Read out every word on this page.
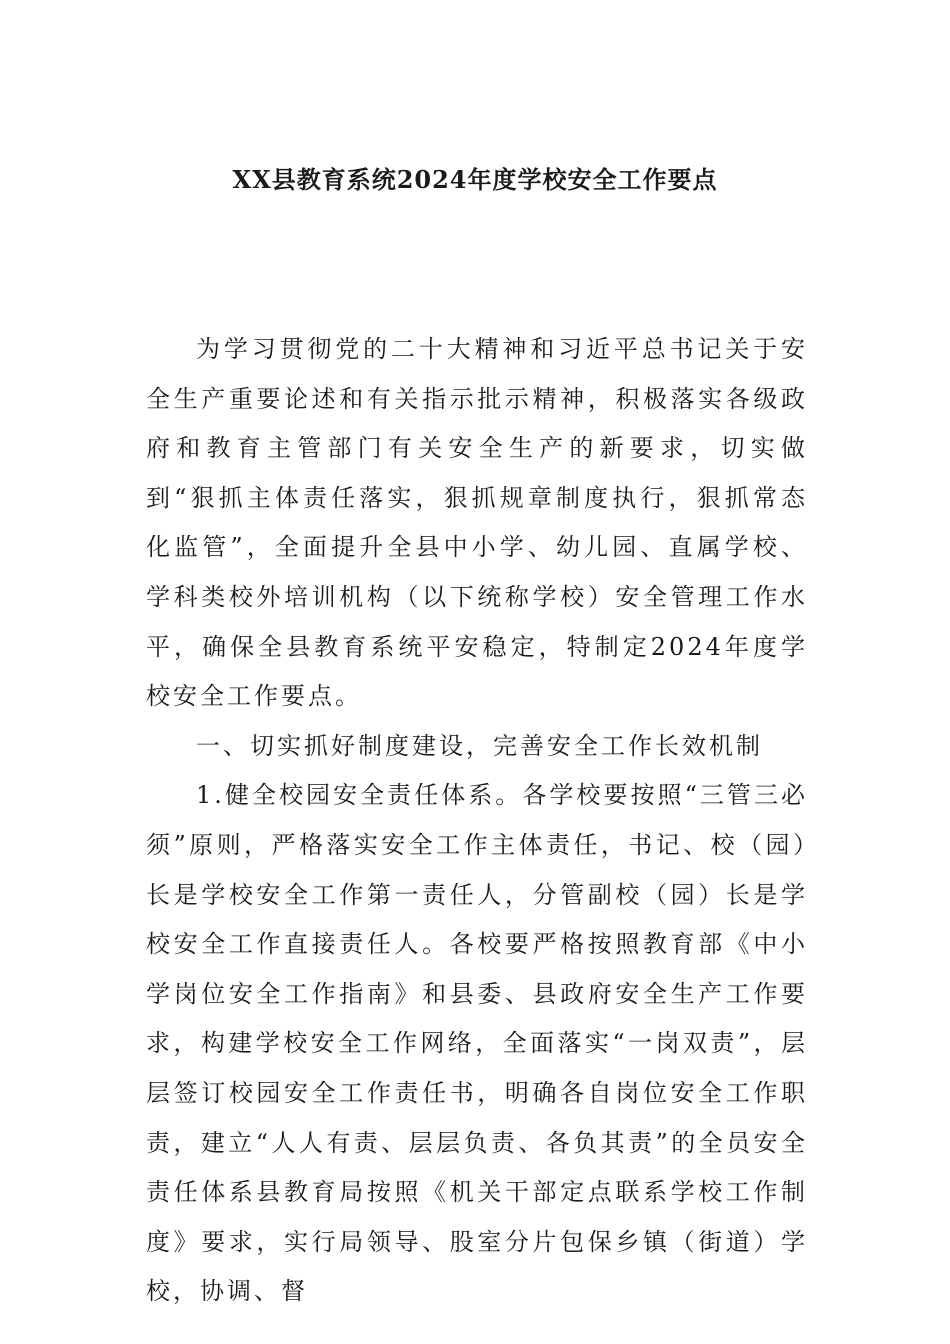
XX县教育系统2024年度学校安全工作要点

为学习贯彻党的二十大精神和习近平总书记关于安全生产重要论述和有关指示批示精神，积极落实各级政府和教育主管部门有关安全生产的新要求，切实做到“狠抓主体责任落实，狠抓规章制度执行，狠抓常态化监管”，全面提升全县中小学、幼儿园、直属学校、学科类校外培训机构（以下统称学校）安全管理工作水平，确保全县教育系统平安稳定，特制定2024年度学校安全工作要点。

一、切实抓好制度建设，完善安全工作长效机制

1.健全校园安全责任体系。各学校要按照“三管三必须”原则，严格落实安全工作主体责任，书记、校（园）长是学校安全工作第一责任人，分管副校（园）长是学校安全工作直接责任人。各校要严格按照教育部《中小学岗位安全工作指南》和县委、县政府安全生产工作要求，构建学校安全工作网络，全面落实“一岗双责”，层层签订校园安全工作责任书，明确各自岗位安全工作职责，建立“人人有责、层层负责、各负其责”的全员安全责任体系县教育局按照《机关干部定点联系学校工作制度》要求，实行局领导、股室分片包保乡镇（街道）学校，协调、督
